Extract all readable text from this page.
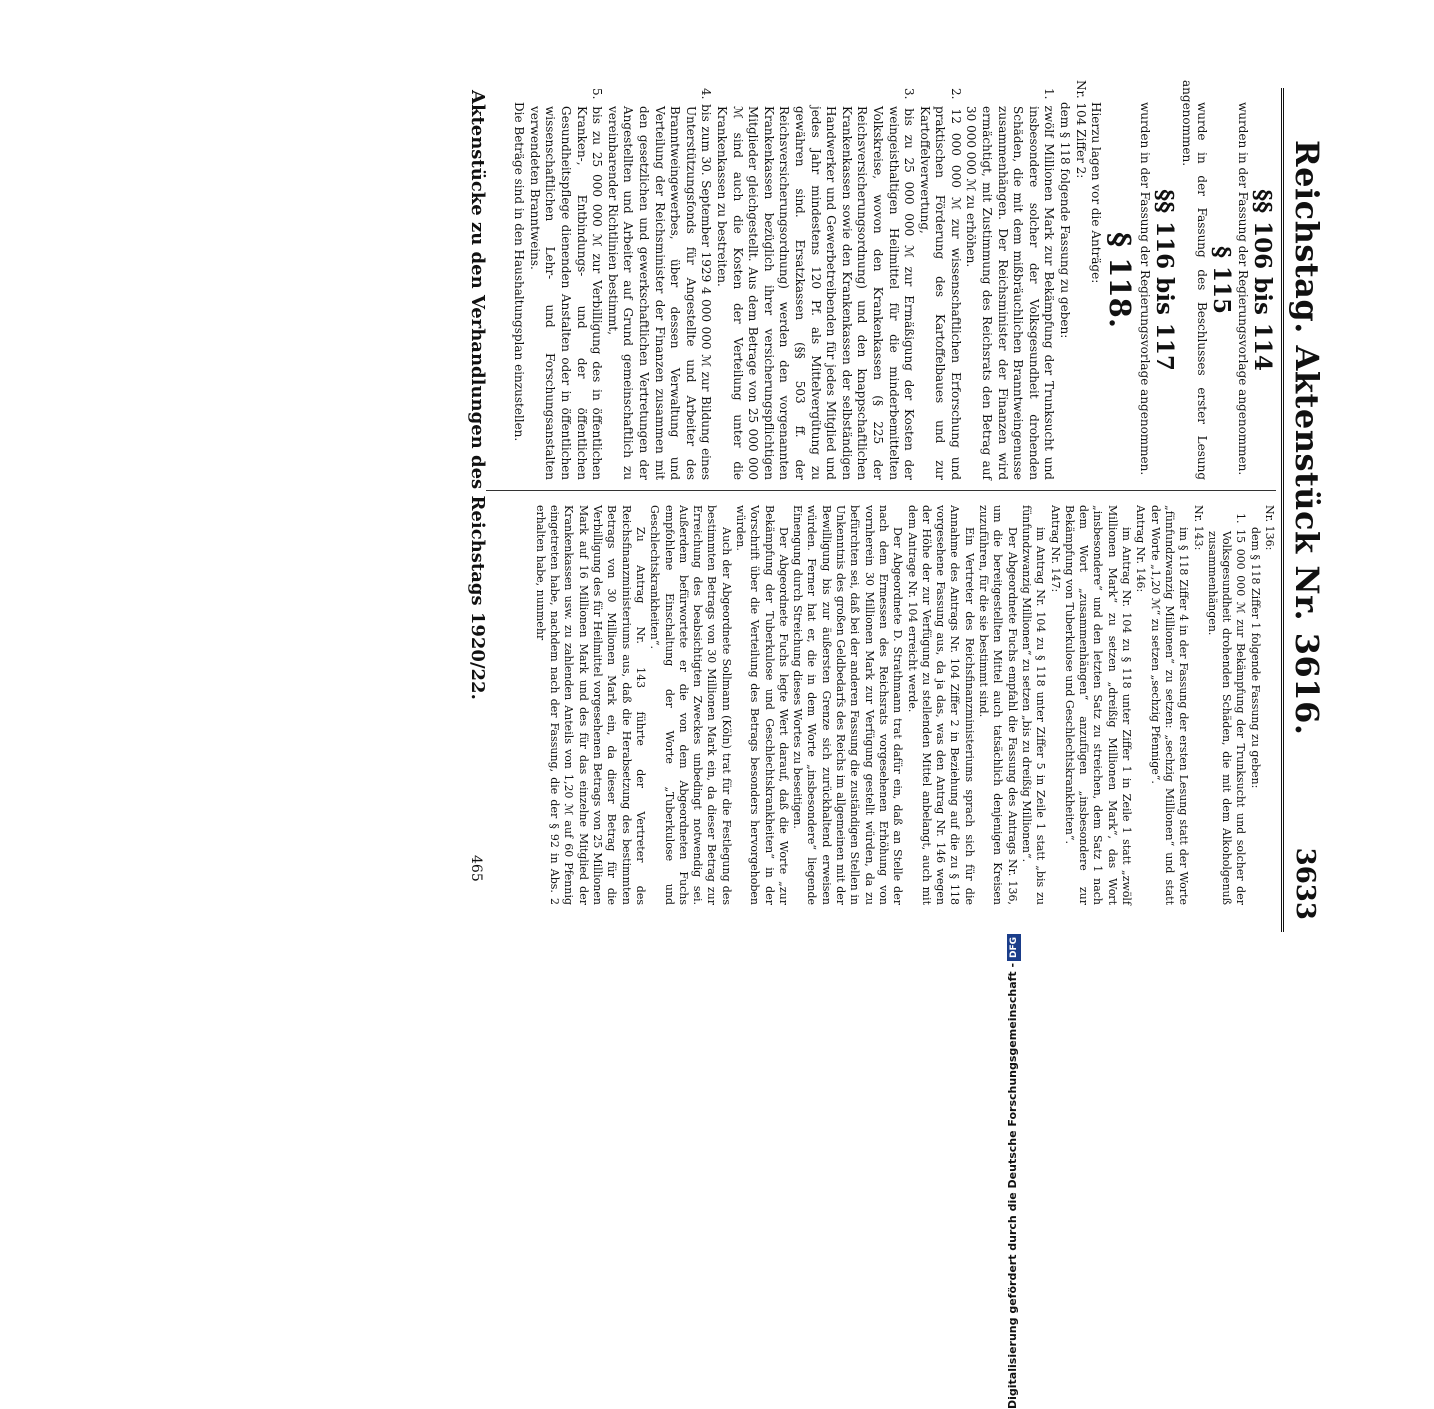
Reichstag. Aktenstück Nr. 3616.
3633

§§ 106 bis 114

wurden in der Fassung der Regierungsvorlage angenommen.

§ 115

wurde in der Fassung des Beschlusses erster Lesung angenommen.

§§ 116 bis 117

wurden in der Fassung der Regierungsvorlage angenommen.

§ 118.

Hierzu lagen vor die Anträge:

Nr. 104 Ziffer 2:

dem § 118 folgende Fassung zu geben:

1. zwölf Millionen Mark zur Bekämpfung der Trunksucht und insbesondere solcher der Volksgesundheit drohenden Schäden, die mit dem mißbräuchlichen Branntweingenusse zusammenhängen. Der Reichsminister der Finanzen wird ermächtigt, mit Zustimmung des Reichsrats den Betrag auf 30 000 000 ℳ zu erhöhen.

2. 12 000 000 ℳ zur wissenschaftlichen Erforschung und praktischen Förderung des Kartoffelbaues und zur Kartoffelverwertung,

3. bis zu 25 000 000 ℳ zur Ermäßigung der Kosten der weingeisthaltigen Heilmittel für die minderbemittelten Volkskreise, wovon den Krankenkassen (§ 225 der Reichsversicherungsordnung) und den knappschaftlichen Krankenkassen sowie den Krankenkassen der selbständigen Handwerker und Gewerbetreibenden für jedes Mitglied und jedes Jahr mindestens 120 Pf. als Mittelvergütung zu gewähren sind. Ersatzkassen (§§ 503 ff. der Reichsversicherungsordnung) werden den vorgenannten Krankenkassen bezüglich ihrer versicherungspflichtigen Mitglieder gleichgestellt. Aus dem Betrage von 25 000 000 ℳ sind auch die Kosten der Verteilung unter die Krankenkassen zu bestreiten.

4. bis zum 30. September 1929 4 000 000 ℳ zur Bildung eines Unterstützungsfonds für Angestellte und Arbeiter des Branntweingewerbes, über dessen Verwaltung und Verteilung der Reichsminister der Finanzen zusammen mit den gesetzlichen und gewerkschaftlichen Vertretungen der Angestellten und Arbeiter auf Grund gemeinschaftlich zu vereinbarender Richtlinien bestimmt,

5. bis zu 25 000 000 ℳ zur Verbilligung des in öffentlichen Kranken-, Entbindungs- und der öffentlichen Gesundheitspflege dienenden Anstalten oder in öffentlichen wissenschaftlichen Lehr- und Forschungsanstalten verwendeten Branntweins.

Die Beträge sind in den Haushaltungsplan einzustellen.

Nr. 136:

dem § 118 Ziffer 1 folgende Fassung zu geben:

1. 15 000 000 ℳ zur Bekämpfung der Trunksucht und solcher der Volksgesundheit drohenden Schäden, die mit dem Alkoholgenuß zusammenhängen.

Nr. 143:

im § 118 Ziffer 4 in der Fassung der ersten Lesung statt der Worte „fünfundzwanzig Millionen“ zu setzen: „sechzig Millionen“ und statt der Worte „1,20 ℳ“ zu setzen „sechzig Pfennige“.

Antrag Nr. 146:

im Antrag Nr. 104 zu § 118 unter Ziffer 1 in Zeile 1 statt „zwölf Millionen Mark“ zu setzen „dreißig Millionen Mark“, das Wort „insbesondere“ und den letzten Satz zu streichen, dem Satz 1 nach dem Wort „zusammenhängen“ anzufügen „insbesondere zur Bekämpfung von Tuberkulose und Geschlechtskrankheiten“.

Antrag Nr. 147:

im Antrag Nr. 104 zu § 118 unter Ziffer 5 in Zeile 1 statt „bis zu fünfundzwanzig Millionen“ zu setzen „bis zu dreißig Millionen“.

Der Abgeordnete Fuchs empfahl die Fassung des Antrags Nr. 136, um die bereitgestellten Mittel auch tatsächlich denjenigen Kreisen zuzuführen, für die sie bestimmt sind.

Ein Vertreter des Reichsfinanzministeriums sprach sich für die Annahme des Antrags Nr. 104 Ziffer 2 in Beziehung auf die zu § 118 vorgesehene Fassung aus, da ja das, was den Antrag Nr. 146 wegen der Höhe der zur Verfügung zu stellenden Mittel anbelangt, auch mit dem Antrage Nr. 104 erreicht werde.

Der Abgeordnete D. Strathmann trat dafür ein, daß an Stelle der nach dem Ermessen des Reichsrats vorgesehenen Erhöhung von vornherein 30 Millionen Mark zur Verfügung gestellt würden, da zu befürchten sei, daß bei der anderen Fassung die zuständigen Stellen in Unkenntnis des großen Geldbedarfs des Reichs im allgemeinen mit der Bewilligung bis zur äußersten Grenze sich zurückhaltend erweisen würden. Ferner hat er, die in dem Worte „insbesondere“ liegende Einengung durch Streichung dieses Wortes zu beseitigen.

Der Abgeordnete Fuchs legte Wert darauf, daß die Worte „zur Bekämpfung der Tuberkulose und Geschlechtskrankheiten“ in der Vorschrift über die Verteilung des Betrags besonders hervorgehoben würden.

Auch der Abgeordnete Sollmann (Köln) trat für die Festlegung des bestimmten Betrags von 30 Millionen Mark ein, da dieser Betrag zur Erreichung des beabsichtigten Zweckes unbedingt notwendig sei. Außerdem befürwortete er die von dem Abgeordneten Fuchs empfohlene Einschaltung der Worte „Tuberkulose und Geschlechtskrankheiten“.

Zu Antrag Nr. 143 führte der Vertreter des Reichsfinanzministeriums aus, daß die Herabsetzung des bestimmten Betrags von 30 Millionen Mark ein, da dieser Betrag für die Verbilligung des für Heilmittel vorgesehenen Betrags von 25 Millionen Mark auf 16 Millionen Mark und des für das einzelne Mitglied der Krankenkassen usw. zu zahlenden Anteils von 1,20 ℳ auf 60 Pfennig eingetreten habe, nachdem nach der Fassung, die der § 92 in Abs. 2 erhalten habe, nunmehr

Aktenstücke zu den Verhandlungen des Reichstags 1920/22.
465
Digitalisierung gefördert durch die Deutsche Forschungsgemeinschaft -DFG
